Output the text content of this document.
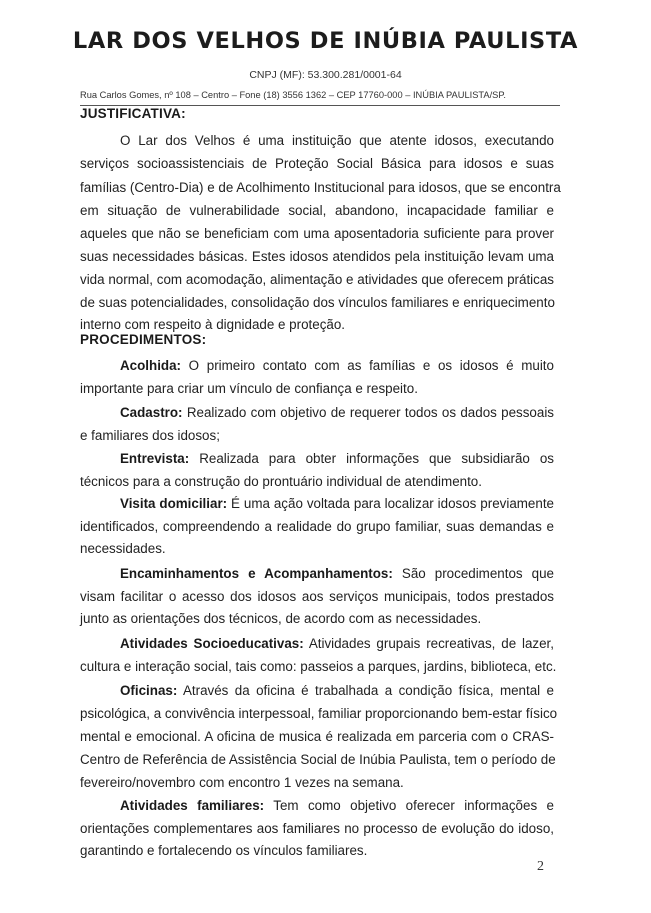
LAR DOS VELHOS DE INÚBIA PAULISTA
CNPJ (MF): 53.300.281/0001-64
Rua Carlos Gomes, nº 108 – Centro – Fone (18) 3556 1362 – CEP 17760-000 – INÚBIA PAULISTA/SP.
JUSTIFICATIVA:
O Lar dos Velhos é uma instituição que atente idosos, executando
serviços socioassistenciais de Proteção Social Básica para idosos e suas
famílias (Centro-Dia) e de Acolhimento Institucional para idosos, que se encontra
em situação de vulnerabilidade social, abandono, incapacidade familiar e
aqueles que não se beneficiam com uma aposentadoria suficiente para prover
suas necessidades básicas. Estes idosos atendidos pela instituição levam uma
vida normal, com acomodação, alimentação e atividades que oferecem práticas
de suas potencialidades, consolidação dos vínculos familiares e enriquecimento
interno com respeito à dignidade e proteção.
PROCEDIMENTOS:
Acolhida: O primeiro contato com as famílias e os idosos é muito
importante para criar um vínculo de confiança e respeito.
Cadastro: Realizado com objetivo de requerer todos os dados pessoais
e familiares dos idosos;
Entrevista: Realizada para obter informações que subsidiarão os
técnicos para a construção do prontuário individual de atendimento.
Visita domiciliar: É uma ação voltada para localizar idosos previamente
identificados, compreendendo a realidade do grupo familiar, suas demandas e
necessidades.
Encaminhamentos e Acompanhamentos: São procedimentos que
visam facilitar o acesso dos idosos aos serviços municipais, todos prestados
junto as orientações dos técnicos, de acordo com as necessidades.
Atividades Socioeducativas: Atividades grupais recreativas, de lazer,
cultura e interação social, tais como: passeios a parques, jardins, biblioteca, etc.
Oficinas: Através da oficina é trabalhada a condição física, mental e
psicológica, a convivência interpessoal, familiar proporcionando bem-estar físico
mental e emocional. A oficina de musica é realizada em parceria com o CRAS-
Centro de Referência de Assistência Social de Inúbia Paulista, tem o período de
fevereiro/novembro com encontro 1 vezes na semana.
Atividades familiares: Tem como objetivo oferecer informações e
orientações complementares aos familiares no processo de evolução do idoso,
garantindo e fortalecendo os vínculos familiares.
2
